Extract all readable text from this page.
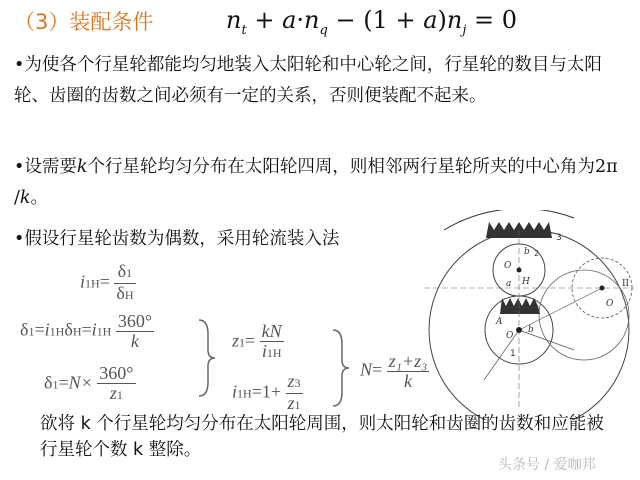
（3）装配条件	$n_t + a\cdot n_q - (1 + a)n_j = 0$
•为使各个行星轮都能均匀地装入太阳轮和中心轮之间，行星轮的数目与太阳轮、齿圈的齿数之间必须有一定的关系，否则便装配不起来。
•设需要k个行星轮均匀分布在太阳轮四周，则相邻两行星轮所夹的中心角为2π /k。
•假设行星轮齿数为偶数，采用轮流装入法
$i1H= \frac{\delta 1}{\delta H}$
$\delta 1=i1H\delta H=i1H \frac{360^\circ}{k}$
$\delta 1=N\times \frac{360^\circ}{z1}$
$z1= \frac{kN}{i1H}$
$i1H=1+ \frac{z3}{z1}$
$N= \frac{\text{z₁+z₃}}{k}$
3
b 2
O
H
a
A
O
b
1
O
II
欲将 k 个行星轮均匀分布在太阳轮周围，则太阳轮和齿圈的齿数和应能被行星轮个数 k 整除。
头条号 / 爱咖邦
